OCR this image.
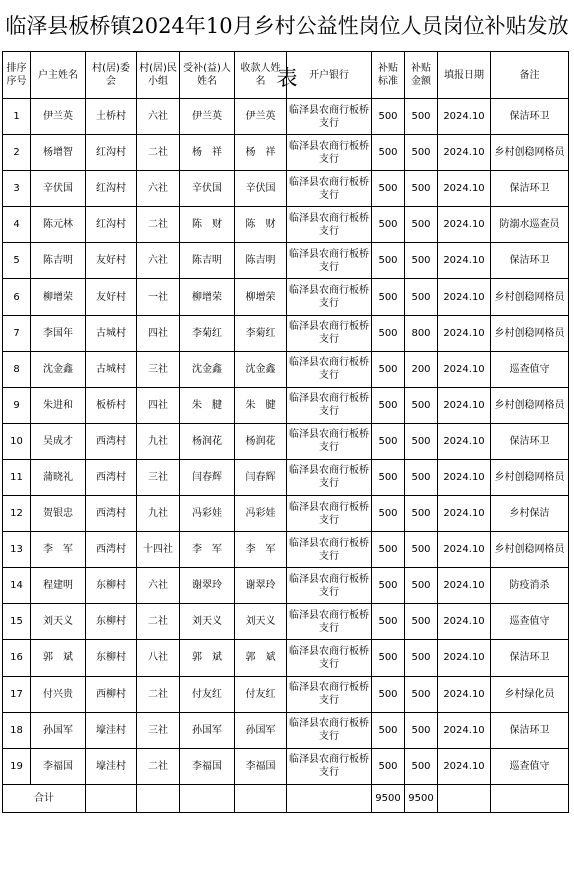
临泽县板桥镇2024年10月乡村公益性岗位人员岗位补贴发放表
排序序号	户主姓名	村(居)委会	村(居)民小组	受补(益)人姓名	收款人姓名	开户银行	补贴标准	补贴金额	填报日期	备注
1	伊兰英	土桥村	六社	伊兰英	伊兰英	临泽县农商行板桥支行	500	500	2024.10	保洁环卫
2	杨增智	红沟村	二社	杨　祥	杨　祥	临泽县农商行板桥支行	500	500	2024.10	乡村创稳网格员
3	辛伏国	红沟村	六社	辛伏国	辛伏国	临泽县农商行板桥支行	500	500	2024.10	保洁环卫
4	陈元林	红沟村	二社	陈　财	陈　财	临泽县农商行板桥支行	500	500	2024.10	防溺水巡查员
5	陈吉明	友好村	六社	陈吉明	陈吉明	临泽县农商行板桥支行	500	500	2024.10	保洁环卫
6	柳增荣	友好村	一社	柳增荣	柳增荣	临泽县农商行板桥支行	500	500	2024.10	乡村创稳网格员
7	李国年	古城村	四社	李菊红	李菊红	临泽县农商行板桥支行	500	800	2024.10	乡村创稳网格员
8	沈金鑫	古城村	三社	沈金鑫	沈金鑫	临泽县农商行板桥支行	500	200	2024.10	巡查值守
9	朱进和	板桥村	四社	朱　腱	朱　腱	临泽县农商行板桥支行	500	500	2024.10	乡村创稳网格员
10	吴成才	西湾村	九社	杨润花	杨润花	临泽县农商行板桥支行	500	500	2024.10	保洁环卫
11	蒲晓礼	西湾村	三社	闫春辉	闫春辉	临泽县农商行板桥支行	500	500	2024.10	乡村创稳网格员
12	贺银忠	西湾村	九社	冯彩娃	冯彩娃	临泽县农商行板桥支行	500	500	2024.10	乡村保洁
13	李　军	西湾村	十四社	李　军	李　军	临泽县农商行板桥支行	500	500	2024.10	乡村创稳网格员
14	程建明	东柳村	六社	谢翠玲	谢翠玲	临泽县农商行板桥支行	500	500	2024.10	防疫消杀
15	刘天义	东柳村	二社	刘天义	刘天义	临泽县农商行板桥支行	500	500	2024.10	巡查值守
16	郭　斌	东柳村	八社	郭　斌	郭　斌	临泽县农商行板桥支行	500	500	2024.10	保洁环卫
17	付兴贵	西柳村	二社	付友红	付友红	临泽县农商行板桥支行	500	500	2024.10	乡村绿化员
18	孙国军	壕洼村	三社	孙国军	孙国军	临泽县农商行板桥支行	500	500	2024.10	保洁环卫
19	李福国	壕洼村	二社	李福国	李福国	临泽县农商行板桥支行	500	500	2024.10	巡查值守
合计							9500	9500		
